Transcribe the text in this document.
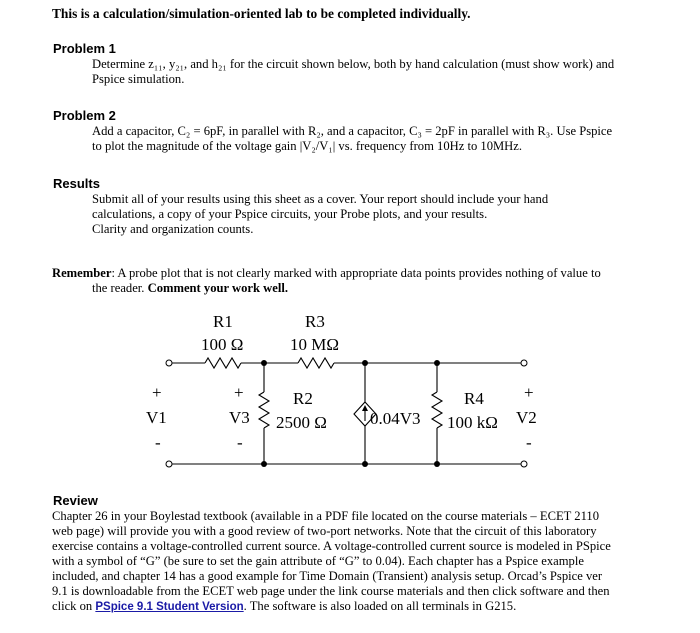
This is a calculation/simulation-oriented lab to be completed individually.
Problem 1
Determine z₁₁, y₂₁, and h₂₁ for the circuit shown below, both by hand calculation (must show work) and
Pspice simulation.
Problem 2
Add a capacitor, C₂ = 6pF, in parallel with R₂, and a capacitor, C₃ = 2pF in parallel with R₃. Use Pspice
to plot the magnitude of the voltage gain |V₂/V₁| vs. frequency from 10Hz to 10MHz.
Results
Submit all of your results using this sheet as a cover. Your report should include your hand
calculations, a copy of your Pspice circuits, your Probe plots, and your results.
Clarity and organization counts.
Remember: A probe plot that is not clearly marked with appropriate data points provides nothing of value to
the reader. Comment your work well.
R1
100 Ω
R3
10 MΩ
R2
2500 Ω	0.04V3
R4
100 kΩ
V1	V3	V2
+	+	+
-	-	-
Review
Chapter 26 in your Boylestad textbook (available in a PDF file located on the course materials – ECET 2110
web page) will provide you with a good review of two-port networks. Note that the circuit of this laboratory
exercise contains a voltage-controlled current source. A voltage-controlled current source is modeled in PSpice
with a symbol of “G” (be sure to set the gain attribute of “G” to 0.04). Each chapter has a Pspice example
included, and chapter 14 has a good example for Time Domain (Transient) analysis setup. Orcad’s Pspice ver
9.1 is downloadable from the ECET web page under the link course materials and then click software and then
click on PSpice 9.1 Student Version. The software is also loaded on all terminals in G215.
